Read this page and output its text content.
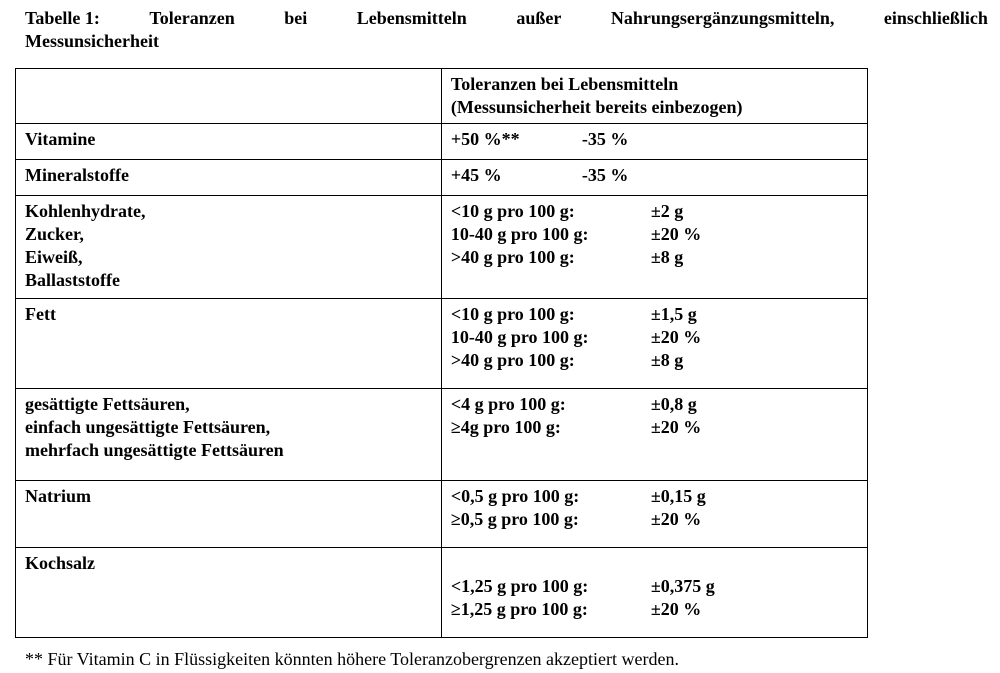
Tabelle 1:	Toleranzen	bei	Lebensmitteln	außer	Nahrungsergänzungsmitteln,	einschließlich
Messunsicherheit

	Toleranzen bei Lebensmitteln
(Messunsicherheit bereits einbezogen)

Vitamine	+50 %** -35 %
Mineralstoffe	+45 % -35 %

Kohlenhydrate,
Zucker,
Eiweiß,
Ballaststoffe	<10 g pro 100 g: ±2 g
10-40 g pro 100 g: ±20 %
>40 g pro 100 g: ±8 g

Fett	<10 g pro 100 g: ±1,5 g
10-40 g pro 100 g: ±20 %
>40 g pro 100 g: ±8 g

gesättigte Fettsäuren,
einfach ungesättigte Fettsäuren,
mehrfach ungesättigte Fettsäuren	<4 g pro 100 g: ±0,8 g
≥4g pro 100 g: ±20 %

Natrium	<0,5 g pro 100 g: ±0,15 g
≥0,5 g pro 100 g: ±20 %

Kochsalz	<1,25 g pro 100 g: ±0,375 g
≥1,25 g pro 100 g: ±20 %
** Für Vitamin C in Flüssigkeiten könnten höhere Toleranzobergrenzen akzeptiert werden.
